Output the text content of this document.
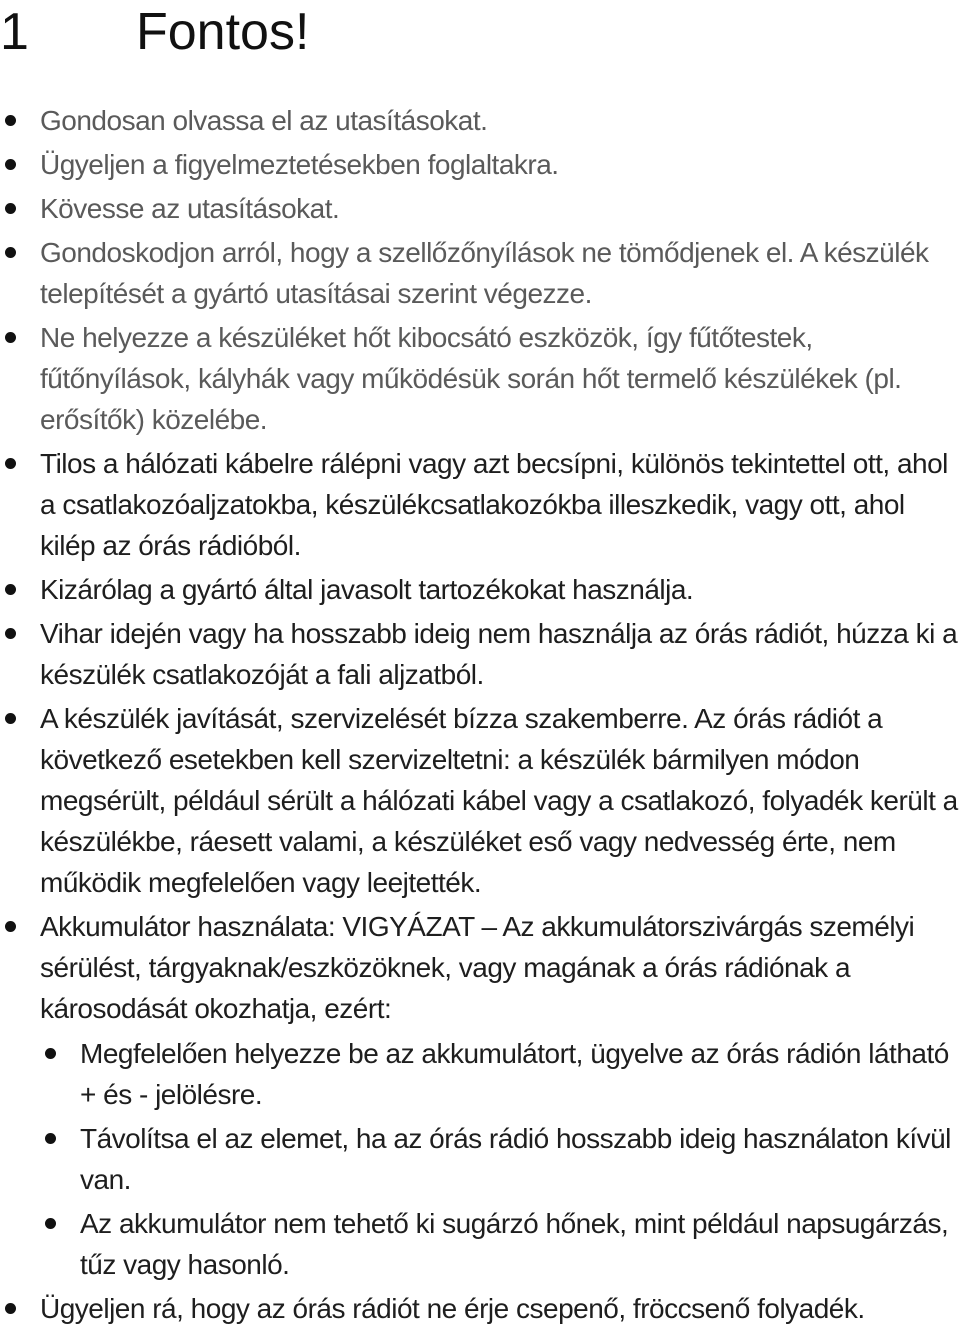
1 Fontos!
Gondosan olvassa el az utasításokat.
Ügyeljen a figyelmeztetésekben foglaltakra.
Kövesse az utasításokat.
Gondoskodjon arról, hogy a szellőzőnyílások ne tömődjenek el. A készülék telepítését a gyártó utasításai szerint végezze.
Ne helyezze a készüléket hőt kibocsátó eszközök, így fűtőtestek, fűtőnyílások, kályhák vagy működésük során hőt termelő készülékek (pl. erősítők) közelébe.
Tilos a hálózati kábelre rálépni vagy azt becsípni, különös tekintettel ott, ahol a csatlakozóaljzatokba, készülékcsatlakozókba illeszkedik, vagy ott, ahol kilép az órás rádióból.
Kizárólag a gyártó által javasolt tartozékokat használja.
Vihar idején vagy ha hosszabb ideig nem használja az órás rádiót, húzza ki a készülék csatlakozóját a fali aljzatból.
A készülék javítását, szervizelését bízza szakemberre. Az órás rádiót a következő esetekben kell szervizeltetni: a készülék bármilyen módon megsérült, például sérült a hálózati kábel vagy a csatlakozó, folyadék került a készülékbe, ráesett valami, a készüléket eső vagy nedvesség érte, nem működik megfelelően vagy leejtették.
Akkumulátor használata: VIGYÁZAT – Az akkumulátorszivárgás személyi sérülést, tárgyaknak/eszközöknek, vagy magának a órás rádiónak a károsodását okozhatja, ezért:
Megfelelően helyezze be az akkumulátort, ügyelve az órás rádión látható + és - jelölésre.
Távolítsa el az elemet, ha az órás rádió hosszabb ideig használaton kívül van.
Az akkumulátor nem tehető ki sugárzó hőnek, mint például napsugárzás, tűz vagy hasonló.
Ügyeljen rá, hogy az órás rádiót ne érje csepenő, fröccsenő folyadék.
